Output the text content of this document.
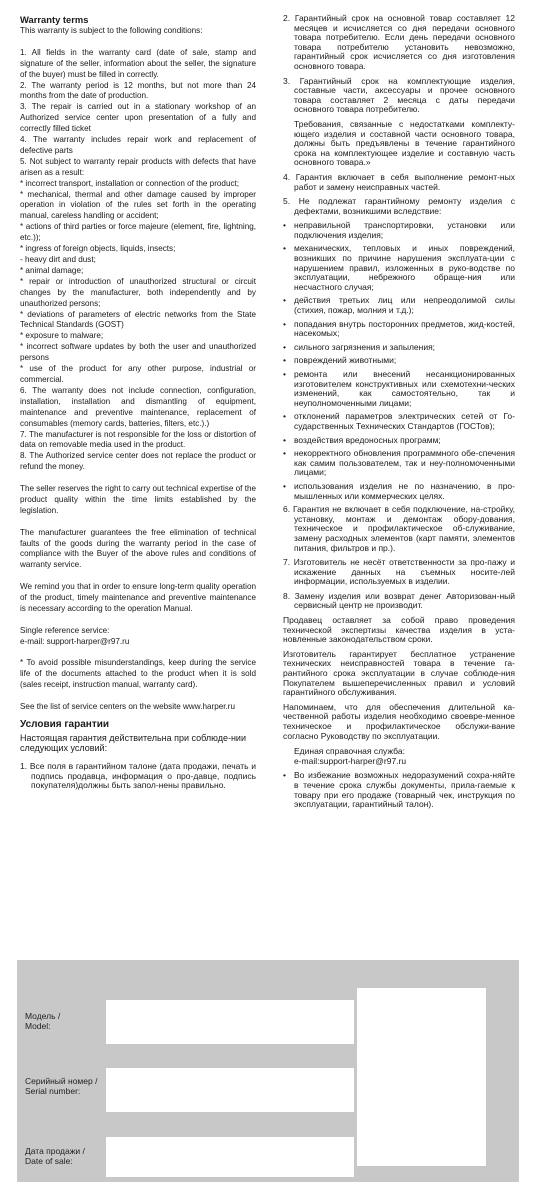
Warranty terms

This warranty is subject to the following conditions:

1. All fields in the warranty card (date of sale, stamp and signature of the seller, information about the seller, the signature of the buyer) must be filled in correctly.

2. The warranty period is 12 months, but not more than 24 months from the date of production.

3. The repair is carried out in a stationary workshop of an Authorized service center upon presentation of a fully and correctly filled ticket

4. The warranty includes repair work and replacement of defective parts

5. Not subject to warranty repair products with defects that have arisen as a result:

* incorrect transport, installation or connection of the product;

* mechanical, thermal and other damage caused by improper operation in violation of the rules set forth in the operating manual, careless handling or accident;

* actions of third parties or force majeure (element, fire, lightning, etc.));

* ingress of foreign objects, liquids, insects;

- heavy dirt and dust;

* animal damage;

* repair or introduction of unauthorized structural or circuit changes by the manufacturer, both independently and by unauthorized persons;

* deviations of parameters of electric networks from the State Technical Standards (GOST)

* exposure to malware;

* incorrect software updates by both the user and unauthorized persons

* use of the product for any other purpose, industrial or commercial.

6. The warranty does not include connection, configuration, installation, installation and dismantling of equipment, maintenance and preventive maintenance, replacement of consumables (memory cards, batteries, filters, etc.).)

7. The manufacturer is not responsible for the loss or distortion of data on removable media used in the product.

8. The Authorized service center does not replace the product or refund the money.

The seller reserves the right to carry out technical expertise of the product quality within the time limits established by the legislation.

The manufacturer guarantees the free elimination of technical faults of the goods during the warranty period in the case of compliance with the Buyer of the above rules and conditions of warranty service.

We remind you that in order to ensure long-term quality operation of the product, timely maintenance and preventive maintenance is necessary according to the operation Manual.

Single reference service:

e-mail: support-harper@r97.ru

* To avoid possible misunderstandings, keep during the service life of the documents attached to the product when it is sold (sales receipt, instruction manual, warranty card).

See the list of service centers on the website www.harper.ru

Условия гарантии

Настоящая гарантия действительна при соблюде-нии следующих условий:

1. Все поля в гарантийном талоне (дата продажи, печать и подпись продавца, информация о про-давце, подпись покупателя)должны быть запол-нены правильно.

2. Гарантийный срок на основной товар составляет 12 месяцев и исчисляется со дня передачи основного товара потребителю. Если день передачи основного товара потребителю установить невозможно, гарантийный срок исчисляется со дня изготовления основного товара.

3. Гарантийный срок на комплектующие изделия, составные части, аксессуары и прочее основного товара составляет 2 месяца с даты передачи основного товара потребителю.

Требования, связанные с недостатками комплекту-ющего изделия и составной части основного товара, должны быть предъявлены в течение гарантийного срока на комплектующее изделие и составную часть основного товара.»

4. Гарантия включает в себя выполнение ремонт-ных работ и замену неисправных частей.

5. Не подлежат гарантийному ремонту изделия с дефектами, возникшими вследствие:

• неправильной транспортировки, установки или подключения изделия;

• механических, тепловых и иных повреждений, возникших по причине нарушения эксплуата-ции с нарушением правил, изложенных в руко-водстве по эксплуатации, небрежного обраще-ния или несчастного случая;

• действия третьих лиц или непреодолимой силы (стихия, пожар, молния и т.д.);

• попадания внутрь посторонних предметов, жид-костей, насекомых;

• сильного загрязнения и запыления;

• повреждений животными;

• ремонта или внесений несанкционированных изготовителем конструктивных или схемотехни-ческих изменений, как самостоятельно, так и неуполномоченными лицами;

• отклонений параметров электрических сетей от Го-сударственных Технических Стандартов (ГОСТов);

• воздействия вредоносных программ;

• некорректного обновления программного обе-спечения как самим пользователем, так и неу-полномоченными лицами;

• использования изделия не по назначению, в про-мышленных или коммерческих целях.

6. Гарантия не включает в себя подключение, на-стройку, установку, монтаж и демонтаж обору-дования, техническое и профилактическое об-служивание, замену расходных элементов (карт памяти, элементов питания, фильтров и пр.).

7. Изготовитель не несёт ответственности за про-пажу и искажение данных на съемных носите-лей информации, используемых в изделии.

8. Замену изделия или возврат денег Авторизован-ный сервисный центр не производит.

Продавец оставляет за собой право проведения технической экспертизы качества изделия в уста-новленные законодательством сроки.

Изготовитель гарантирует бесплатное устранение технических неисправностей товара в течение га-рантийного срока эксплуатации в случае соблюде-ния Покупателем вышеперечисленных правил и условий гарантийного обслуживания.

Напоминаем, что для обеспечения длительной ка-чественной работы изделия необходимо своевре-менное техническое и профилактическое обслужи-вание согласно Руководству по эксплуатации.

Единая справочная служба:

e-mail:support-harper@r97.ru

• Во избежание возможных недоразумений сохра-няйте в течение срока службы документы, прила-гаемые к товару при его продаже (товарный чек, инструкция по эксплуатации, гарантийный талон).

Модель /
Model:
Серийный номер /
Serial number:
Дата продажи /
Date of sale:
